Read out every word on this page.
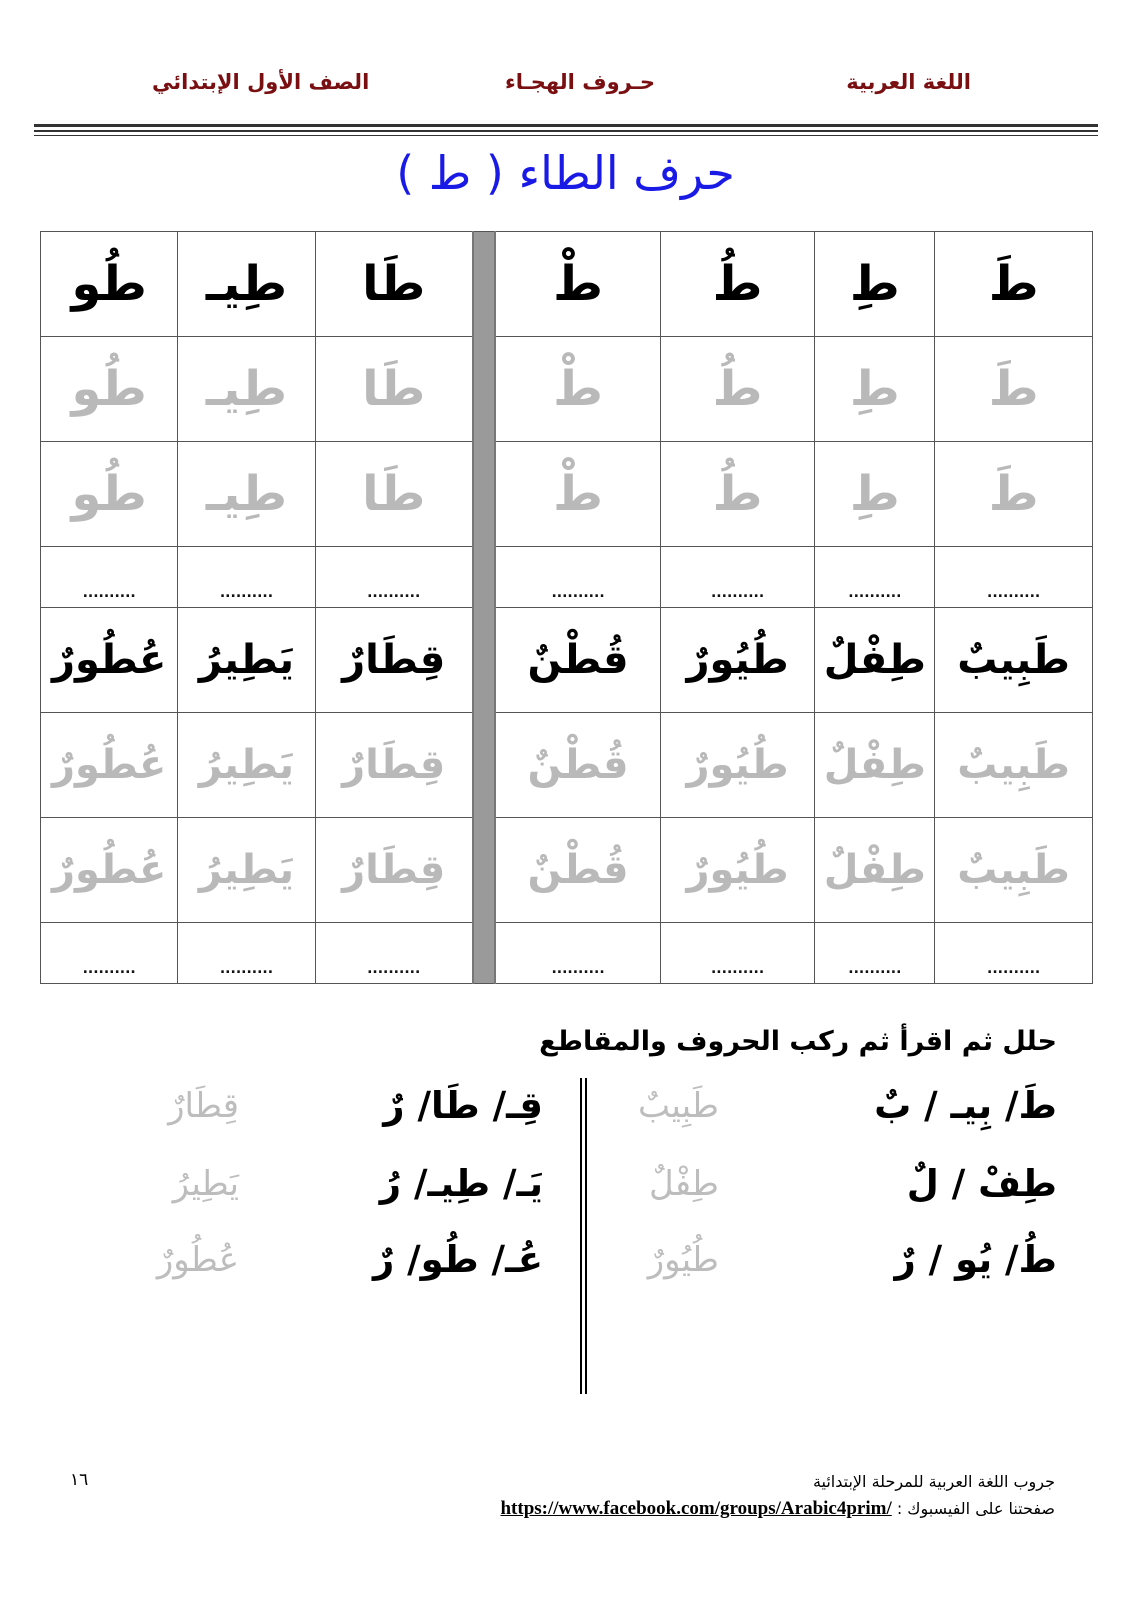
اللغة العربية
حـروف الهجـاء
الصف الأول الإبتدائي
حرف الطاء ( ط )
طَ	طِ	طُ	طْ		طَا	طِيـ	طُو
طَ	طِ	طُ	طْ		طَا	طِيـ	طُو
طَ	طِ	طُ	طْ		طَا	طِيـ	طُو
..........	..........	..........	..........		..........	..........	..........
طَبِيبٌ	طِفْلٌ	طُيُورٌ	قُطْنٌ		قِطَارٌ	يَطِيرُ	عُطُورٌ
طَبِيبٌ	طِفْلٌ	طُيُورٌ	قُطْنٌ		قِطَارٌ	يَطِيرُ	عُطُورٌ
طَبِيبٌ	طِفْلٌ	طُيُورٌ	قُطْنٌ		قِطَارٌ	يَطِيرُ	عُطُورٌ
..........	..........	..........	..........		..........	..........	..........
حلل ثم اقرأ ثم ركب الحروف والمقاطع
طَ/ بِيـ / بٌ
طَبِيبٌ
طِفْ / لٌ
طِفْلٌ
طُ/ يُو / رٌ
طُيُورٌ
قِـ/ طَا/ رٌ
قِطَارٌ
يَـ/ طِيـ/ رُ
يَطِيرُ
عُـ/ طُو/ رٌ
عُطُورٌ
١٦	جروب اللغة العربية للمرحلة الإبتدائية
صفحتنا على الفيسبوك : https://www.facebook.com/groups/Arabic4prim/
